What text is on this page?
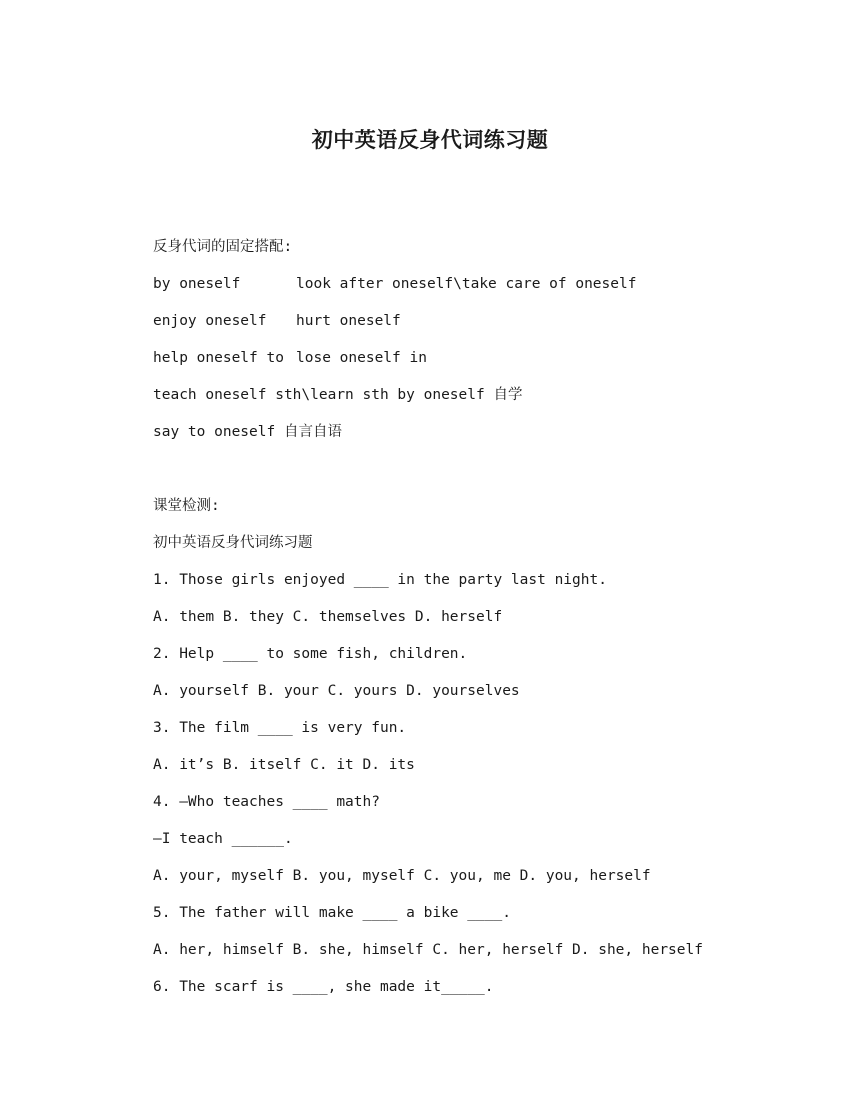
初中英语反身代词练习题
反身代词的固定搭配:
by oneself	look after oneself\take care of oneself
enjoy oneself	hurt oneself
help oneself to lose oneself in
teach oneself sth\learn sth by oneself 自学
say to oneself 自言自语
课堂检测:
初中英语反身代词练习题
1. Those girls enjoyed ____ in the party last night.
A. them B. they C. themselves D. herself
2. Help ____ to some fish, children.
A. yourself B. your C. yours D. yourselves
3. The film ____ is very fun.
A. it’s B. itself C. it D. its
4. –Who teaches ____ math?
–I teach ______.
A. your, myself B. you, myself C. you, me D. you, herself
5. The father will make ____ a bike ____.
A. her, himself B. she, himself C. her, herself D. she, herself
6. The scarf is ____, she made it_____.
